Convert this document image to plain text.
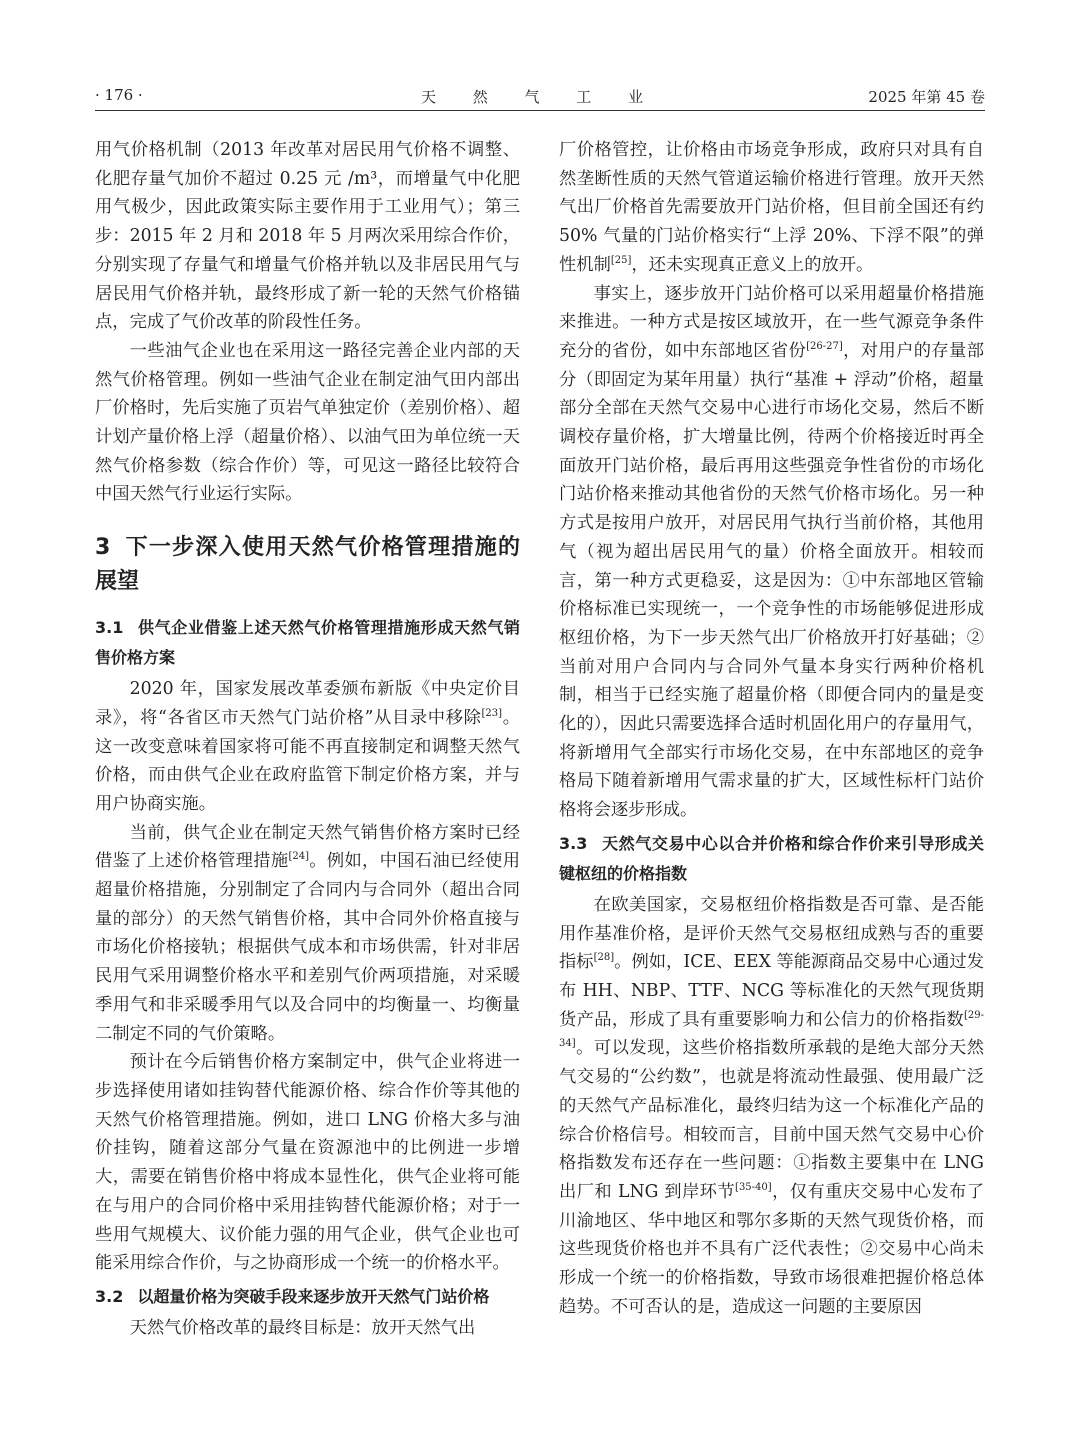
· 176 ·	天 然 气 工 业	2025 年第 45 卷

用气价格机制（2013 年改革对居民用气价格不调整、化肥存量气加价不超过 0.25 元 /m³，而增量气中化肥用气极少，因此政策实际主要作用于工业用气）；第三步：2015 年 2 月和 2018 年 5 月两次采用综合作价，分别实现了存量气和增量气价格并轨以及非居民用气与居民用气价格并轨，最终形成了新一轮的天然气价格锚点，完成了气价改革的阶段性任务。

一些油气企业也在采用这一路径完善企业内部的天然气价格管理。例如一些油气企业在制定油气田内部出厂价格时，先后实施了页岩气单独定价（差别价格）、超计划产量价格上浮（超量价格）、以油气田为单位统一天然气价格参数（综合作价）等，可见这一路径比较符合中国天然气行业运行实际。

3 下一步深入使用天然气价格管理措施的展望
3.1 供气企业借鉴上述天然气价格管理措施形成天然气销售价格方案

2020 年，国家发展改革委颁布新版《中央定价目录》，将“各省区市天然气门站价格”从目录中移除[23]。这一改变意味着国家将可能不再直接制定和调整天然气价格，而由供气企业在政府监管下制定价格方案，并与用户协商实施。

当前，供气企业在制定天然气销售价格方案时已经借鉴了上述价格管理措施[24]。例如，中国石油已经使用超量价格措施，分别制定了合同内与合同外（超出合同量的部分）的天然气销售价格，其中合同外价格直接与市场化价格接轨；根据供气成本和市场供需，针对非居民用气采用调整价格水平和差别气价两项措施，对采暖季用气和非采暖季用气以及合同中的均衡量一、均衡量二制定不同的气价策略。

预计在今后销售价格方案制定中，供气企业将进一步选择使用诸如挂钩替代能源价格、综合作价等其他的天然气价格管理措施。例如，进口 LNG 价格大多与油价挂钩，随着这部分气量在资源池中的比例进一步增大，需要在销售价格中将成本显性化，供气企业将可能在与用户的合同价格中采用挂钩替代能源价格；对于一些用气规模大、议价能力强的用气企业，供气企业也可能采用综合作价，与之协商形成一个统一的价格水平。

3.2 以超量价格为突破手段来逐步放开天然气门站价格

天然气价格改革的最终目标是：放开天然气出

厂价格管控，让价格由市场竞争形成，政府只对具有自然垄断性质的天然气管道运输价格进行管理。放开天然气出厂价格首先需要放开门站价格，但目前全国还有约 50% 气量的门站价格实行“上浮 20%、下浮不限”的弹性机制[25]，还未实现真正意义上的放开。

事实上，逐步放开门站价格可以采用超量价格措施来推进。一种方式是按区域放开，在一些气源竞争条件充分的省份，如中东部地区省份[26-27]，对用户的存量部分（即固定为某年用量）执行“基准 + 浮动”价格，超量部分全部在天然气交易中心进行市场化交易，然后不断调校存量价格，扩大增量比例，待两个价格接近时再全面放开门站价格，最后再用这些强竞争性省份的市场化门站价格来推动其他省份的天然气价格市场化。另一种方式是按用户放开，对居民用气执行当前价格，其他用气（视为超出居民用气的量）价格全面放开。相较而言，第一种方式更稳妥，这是因为：①中东部地区管输价格标准已实现统一，一个竞争性的市场能够促进形成枢纽价格，为下一步天然气出厂价格放开打好基础；②当前对用户合同内与合同外气量本身实行两种价格机制，相当于已经实施了超量价格（即便合同内的量是变化的），因此只需要选择合适时机固化用户的存量用气，将新增用气全部实行市场化交易，在中东部地区的竞争格局下随着新增用气需求量的扩大，区域性标杆门站价格将会逐步形成。

3.3 天然气交易中心以合并价格和综合作价来引导形成关键枢纽的价格指数

在欧美国家，交易枢纽价格指数是否可靠、是否能用作基准价格，是评价天然气交易枢纽成熟与否的重要指标[28]。例如，ICE、EEX 等能源商品交易中心通过发布 HH、NBP、TTF、NCG 等标准化的天然气现货期货产品，形成了具有重要影响力和公信力的价格指数[29-34]。可以发现，这些价格指数所承载的是绝大部分天然气交易的“公约数”，也就是将流动性最强、使用最广泛的天然气产品标准化，最终归结为这一个标准化产品的综合价格信号。相较而言，目前中国天然气交易中心价格指数发布还存在一些问题：①指数主要集中在 LNG 出厂和 LNG 到岸环节[35-40]，仅有重庆交易中心发布了川渝地区、华中地区和鄂尔多斯的天然气现货价格，而这些现货价格也并不具有广泛代表性；②交易中心尚未形成一个统一的价格指数，导致市场很难把握价格总体趋势。不可否认的是，造成这一问题的主要原因
